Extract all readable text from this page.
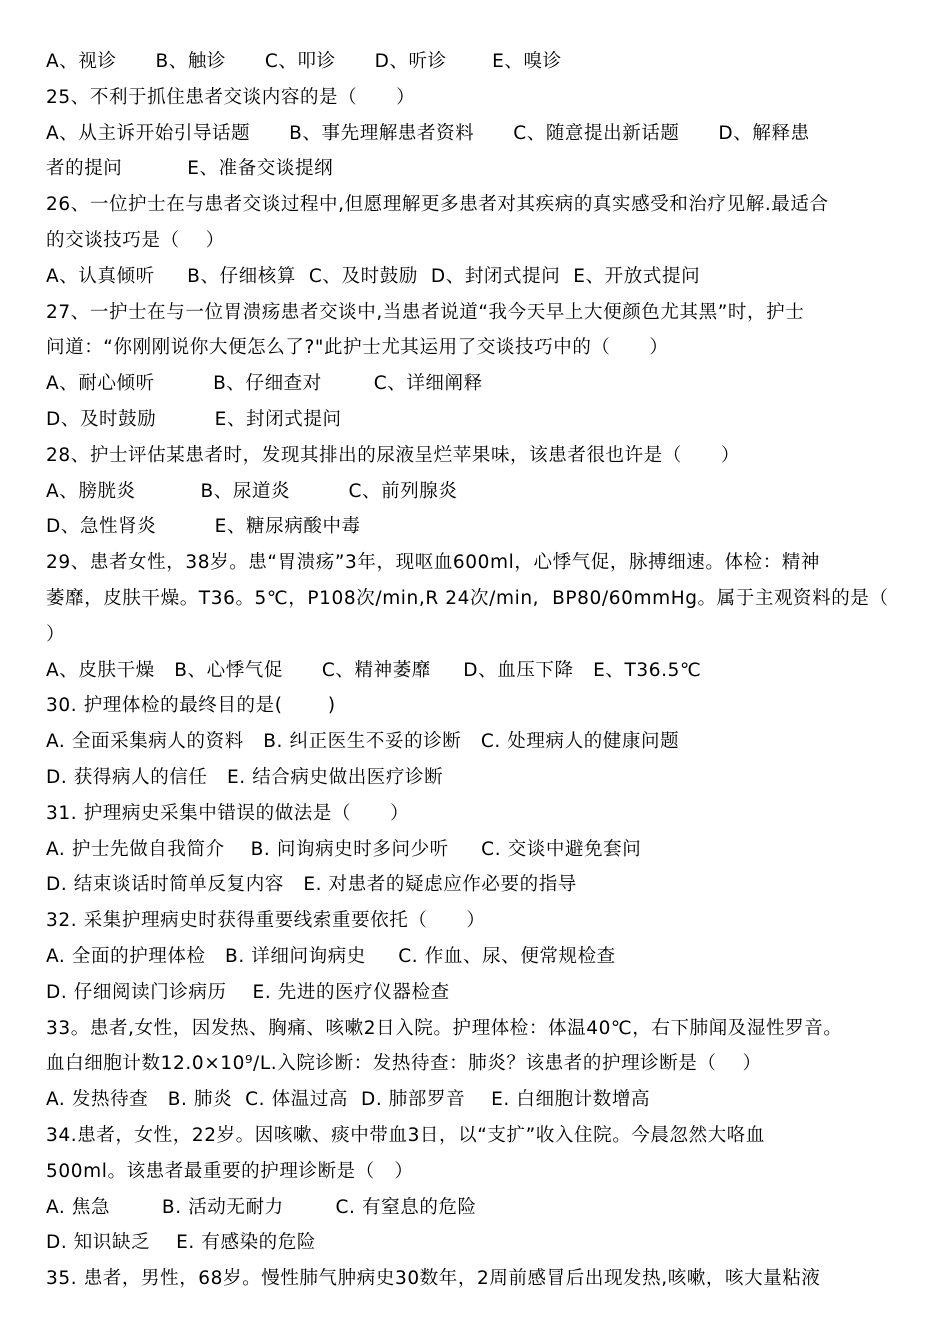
A、视诊      B、触诊      C、叩诊      D、听诊       E、嗅诊
25、不利于抓住患者交谈内容的是（      ）
A、从主诉开始引导话题      B、事先理解患者资料      C、随意提出新话题      D、解释患
者的提问          E、准备交谈提纲
26、一位护士在与患者交谈过程中,但愿理解更多患者对其疾病的真实感受和治疗见解.最适合
的交谈技巧是（    ）
A、认真倾听     B、仔细核算  C、及时鼓励  D、封闭式提问  E、开放式提问
27、一护士在与一位胃溃疡患者交谈中,当患者说道“我今天早上大便颜色尤其黑”时，护士
问道：“你刚刚说你大便怎么了?"此护士尤其运用了交谈技巧中的（      ）
A、耐心倾听         B、仔细查对        C、详细阐释
D、及时鼓励         E、封闭式提问
28、护士评估某患者时，发现其排出的尿液呈烂苹果味，该患者很也许是（      ）
A、膀胱炎          B、尿道炎         C、前列腺炎
D、急性肾炎         E、糖尿病酸中毒
29、患者女性，38岁。患“胃溃疡”3年，现呕血600ml，心悸气促，脉搏细速。体检：精神
萎靡，皮肤干燥。T36。5℃，P108次/min,R 24次/min,  BP80/60mmHg。属于主观资料的是（
）
A、皮肤干燥   B、心悸气促      C、精神萎靡     D、血压下降   E、T36.5℃
30. 护理体检的最终目的是(       )
A. 全面采集病人的资料   B. 纠正医生不妥的诊断   C. 处理病人的健康问题
D. 获得病人的信任   E. 结合病史做出医疗诊断
31. 护理病史采集中错误的做法是（      ）
A. 护士先做自我简介    B. 问询病史时多问少听     C. 交谈中避免套问
D. 结束谈话时简单反复内容   E. 对患者的疑虑应作必要的指导
32. 采集护理病史时获得重要线索重要依托（      ）
A. 全面的护理体检   B. 详细问询病史     C. 作血、尿、便常规检查
D. 仔细阅读门诊病历    E. 先进的医疗仪器检查
33。患者,女性，因发热、胸痛、咳嗽2日入院。护理体检：体温40℃，右下肺闻及湿性罗音。
血白细胞计数12.0×10⁹/L.入院诊断：发热待查：肺炎？该患者的护理诊断是（    ）
A. 发热待查   B. 肺炎  C. 体温过高  D. 肺部罗音    E. 白细胞计数增高
34.患者，女性，22岁。因咳嗽、痰中带血3日，以“支扩”收入住院。今晨忽然大咯血
500ml。该患者最重要的护理诊断是（   ）
A. 焦急        B. 活动无耐力        C. 有窒息的危险
D. 知识缺乏    E. 有感染的危险
35. 患者，男性，68岁。慢性肺气肿病史30数年，2周前感冒后出现发热,咳嗽，咳大量粘液
